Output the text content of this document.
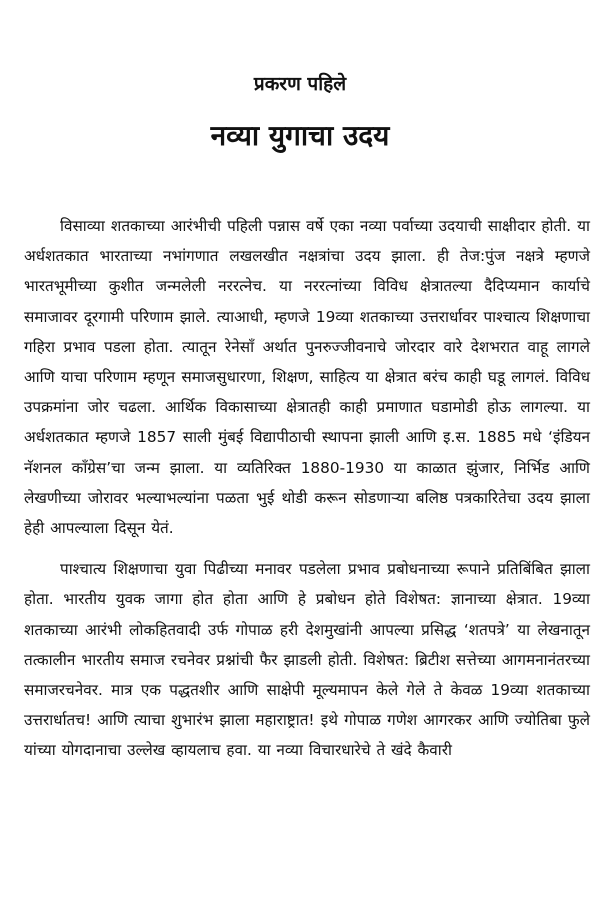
प्रकरण पहिले
नव्या युगाचा उदय

विसाव्या शतकाच्या आरंभीची पहिली पन्नास वर्षे एका नव्या पर्वाच्या उदयाची साक्षीदार होती. या अर्धशतकात भारताच्या नभांगणात लखलखीत नक्षत्रांचा उदय झाला. ही तेज:पुंज नक्षत्रे म्हणजे भारतभूमीच्या कुशीत जन्मलेली नररत्नेच. या नररत्नांच्या विविध क्षेत्रातल्या दैदिप्यमान कार्याचे समाजावर दूरगामी परिणाम झाले. त्याआधी, म्हणजे 19व्या शतकाच्या उत्तरार्धावर पाश्चात्य शिक्षणाचा गहिरा प्रभाव पडला होता. त्यातून रेनेसाँ अर्थात पुनरुज्जीवनाचे जोरदार वारे देशभरात वाहू लागले आणि याचा परिणाम म्हणून समाजसुधारणा, शिक्षण, साहित्य या क्षेत्रात बरंच काही घडू लागलं. विविध उपक्रमांना जोर चढला. आर्थिक विकासाच्या क्षेत्रातही काही प्रमाणात घडामोडी होऊ लागल्या. या अर्धशतकात म्हणजे 1857 साली मुंबई विद्यापीठाची स्थापना झाली आणि इ.स. 1885 मधे ‘इंडियन नॅशनल कॉंग्रेस’चा जन्म झाला. या व्यतिरिक्त 1880-1930 या काळात झुंजार, निर्भिड आणि लेखणीच्या जोरावर भल्याभल्यांना पळता भुई थोडी करून सोडणाऱ्या बलिष्ठ पत्रकारितेचा उदय झाला हेही आपल्याला दिसून येतं.

पाश्चात्य शिक्षणाचा युवा पिढीच्या मनावर पडलेला प्रभाव प्रबोधनाच्या रूपाने प्रतिबिंबित झाला होता. भारतीय युवक जागा होत होता आणि हे प्रबोधन होते विशेषत: ज्ञानाच्या क्षेत्रात. 19व्या शतकाच्या आरंभी लोकहितवादी उर्फ गोपाळ हरी देशमुखांनी आपल्या प्रसिद्ध ‘शतपत्रे’ या लेखनातून तत्कालीन भारतीय समाज रचनेवर प्रश्नांची फैर झाडली होती. विशेषत: ब्रिटीश सत्तेच्या आगमनानंतरच्या समाजरचनेवर. मात्र एक पद्धतशीर आणि साक्षेपी मूल्यमापन केले गेले ते केवळ 19व्या शतकाच्या उत्तरार्धातच! आणि त्याचा शुभारंभ झाला महाराष्ट्रात! इथे गोपाळ गणेश आगरकर आणि ज्योतिबा फुले यांच्या योगदानाचा उल्लेख व्हायलाच हवा. या नव्या विचारधारेचे ते खंदे कैवारी
